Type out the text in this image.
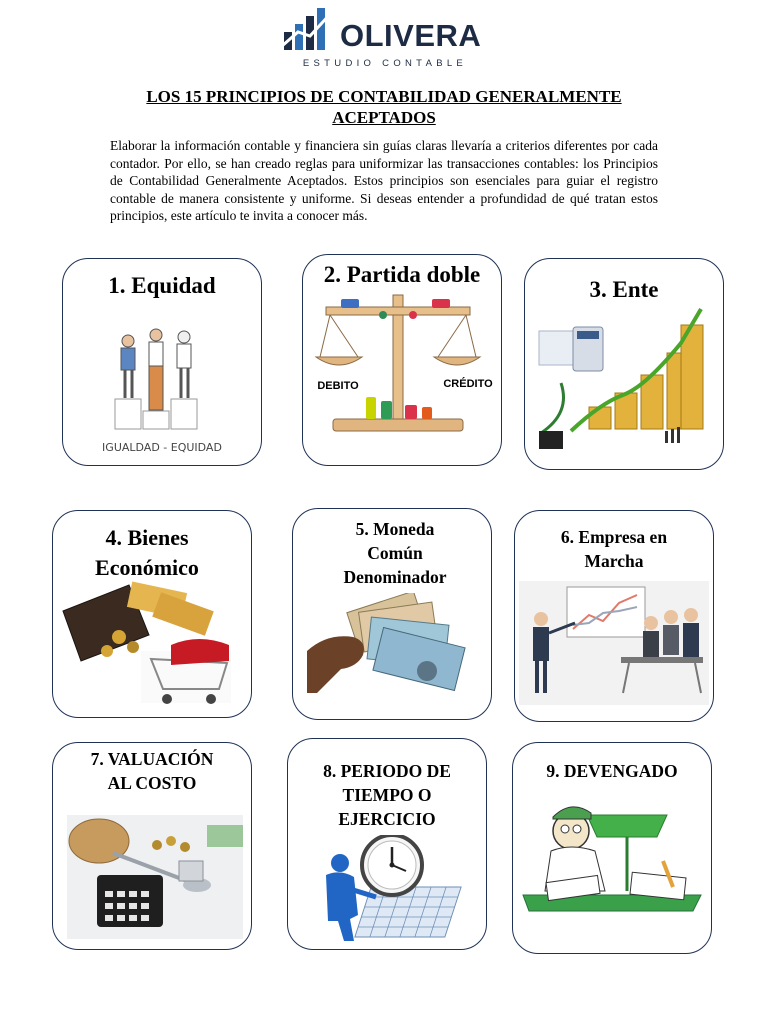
OLIVERA
ESTUDIO CONTABLE
LOS 15 PRINCIPIOS DE CONTABILIDAD GENERALMENTE ACEPTADOS
Elaborar la información contable y financiera sin guías claras llevaría a criterios diferentes por cada contador. Por ello, se han creado reglas para uniformizar las transacciones contables: los Principios de Contabilidad Generalmente Aceptados. Estos principios son esenciales para guiar el registro contable de manera consistente y uniforme. Si deseas entender a profundidad de qué tratan estos principios, este artículo te invita a conocer más.
1. Equidad
IGUALDAD - EQUIDAD
2. Partida doble
DEBITO	CRÉDITO
3. Ente
4. Bienes
Económico
5. Moneda
Común
Denominador
6. Empresa en
Marcha
7. VALUACIÓN
AL COSTO
8. PERIODO DE
TIEMPO O
EJERCICIO
9. DEVENGADO
